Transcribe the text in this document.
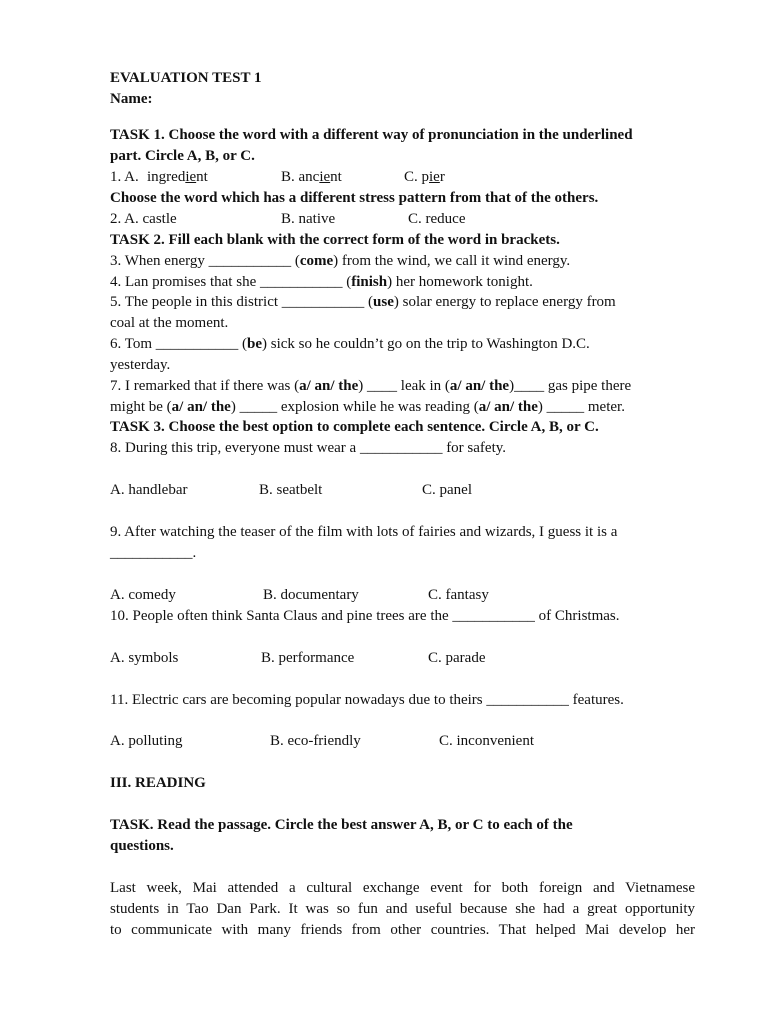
EVALUATION TEST 1
Name:
TASK 1. Choose the word with a different way of pronunciation in the underlined
part. Circle A, B, or C.
1. A. ingredient	B. ancient	C. pier
Choose the word which has a different stress pattern from that of the others.
2. A. castle	B. native	C. reduce
TASK 2. Fill each blank with the correct form of the word in brackets.
3. When energy ___________ (come) from the wind, we call it wind energy.
4. Lan promises that she ___________ (finish) her homework tonight.
5. The people in this district ___________ (use) solar energy to replace energy from
coal at the moment.
6. Tom ___________ (be) sick so he couldn’t go on the trip to Washington D.C.
yesterday.
7. I remarked that if there was (a/ an/ the) ____ leak in (a/ an/ the)____ gas pipe there
might be (a/ an/ the) _____ explosion while he was reading (a/ an/ the) _____ meter.
TASK 3. Choose the best option to complete each sentence. Circle A, B, or C.
8. During this trip, everyone must wear a ___________ for safety.
A. handlebar	B. seatbelt	C. panel
9. After watching the teaser of the film with lots of fairies and wizards, I guess it is a
___________.
A. comedy	B. documentary	C. fantasy
10. People often think Santa Claus and pine trees are the ___________ of Christmas.
A. symbols	B. performance	C. parade
11. Electric cars are becoming popular nowadays due to theirs ___________ features.
A. polluting	B. eco-friendly	C. inconvenient
III. READING
TASK. Read the passage. Circle the best answer A, B, or C to each of the
questions.
Last week, Mai attended a cultural exchange event for both foreign and Vietnamese
students in Tao Dan Park. It was so fun and useful because she had a great opportunity
to communicate with many friends from other countries. That helped Mai develop her
